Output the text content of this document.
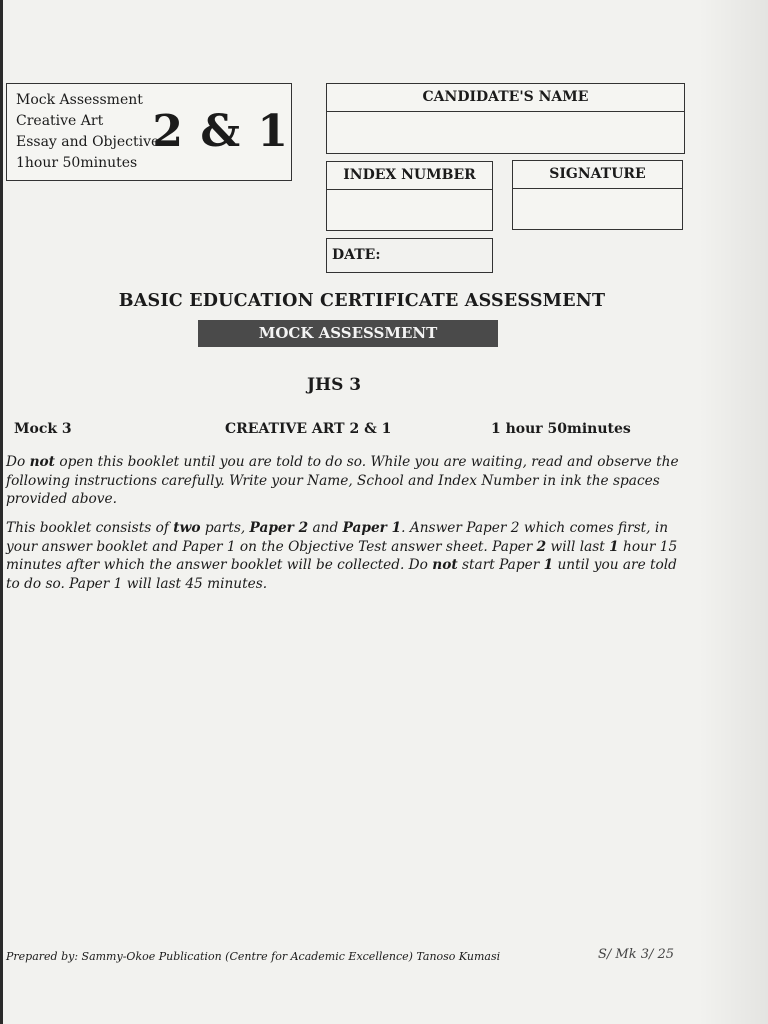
Mock Assessment
Creative Art
Essay and Objective
1hour 50minutes
2 & 1
CANDIDATE'S NAME
INDEX NUMBER	SIGNATURE
DATE:
BASIC EDUCATION CERTIFICATE ASSESSMENT
MOCK ASSESSMENT
JHS 3
Mock 3	CREATIVE ART 2 & 1	1 hour 50minutes
Do not open this booklet until you are told to do so. While you are waiting, read and observe the following instructions carefully. Write your Name, School and Index Number in ink the spaces provided above.
This booklet consists of two parts, Paper 2 and Paper 1. Answer Paper 2 which comes first, in your answer booklet and Paper 1 on the Objective Test answer sheet. Paper 2 will last 1 hour 15 minutes after which the answer booklet will be collected. Do not start Paper 1 until you are told to do so. Paper 1 will last 45 minutes.
Prepared by: Sammy-Okoe Publication (Centre for Academic Excellence) Tanoso Kumasi	S/ Mk 3/ 25
